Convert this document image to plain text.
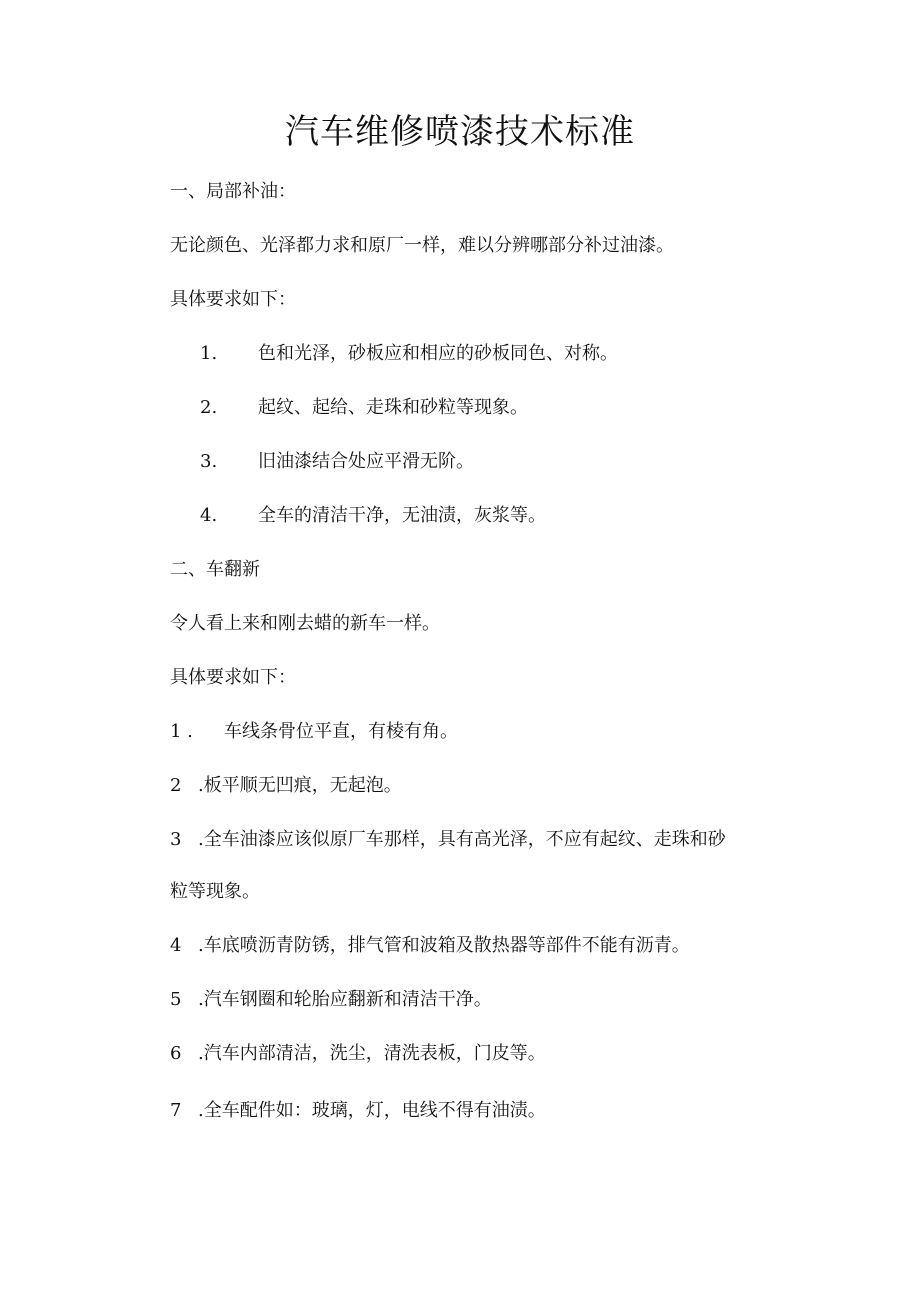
汽车维修喷漆技术标准
一、局部补油：
无论颜色、光泽都力求和原厂一样，难以分辨哪部分补过油漆。
具体要求如下：
1. 色和光泽，砂板应和相应的砂板同色、对称。
2. 起纹、起给、走珠和砂粒等现象。
3. 旧油漆结合处应平滑无阶。
4. 全车的清洁干净，无油渍，灰浆等。
二、车翻新
令人看上来和刚去蜡的新车一样。
具体要求如下：
1 . 车线条骨位平直，有棱有角。
2 .板平顺无凹痕，无起泡。
3 .全车油漆应该似原厂车那样，具有高光泽，不应有起纹、走珠和砂
粒等现象。
4 .车底喷沥青防锈，排气管和波箱及散热器等部件不能有沥青。
5 .汽车钢圈和轮胎应翻新和清洁干净。
6 .汽车内部清洁，洗尘，清洗表板，门皮等。
7 .全车配件如：玻璃，灯，电线不得有油渍。
